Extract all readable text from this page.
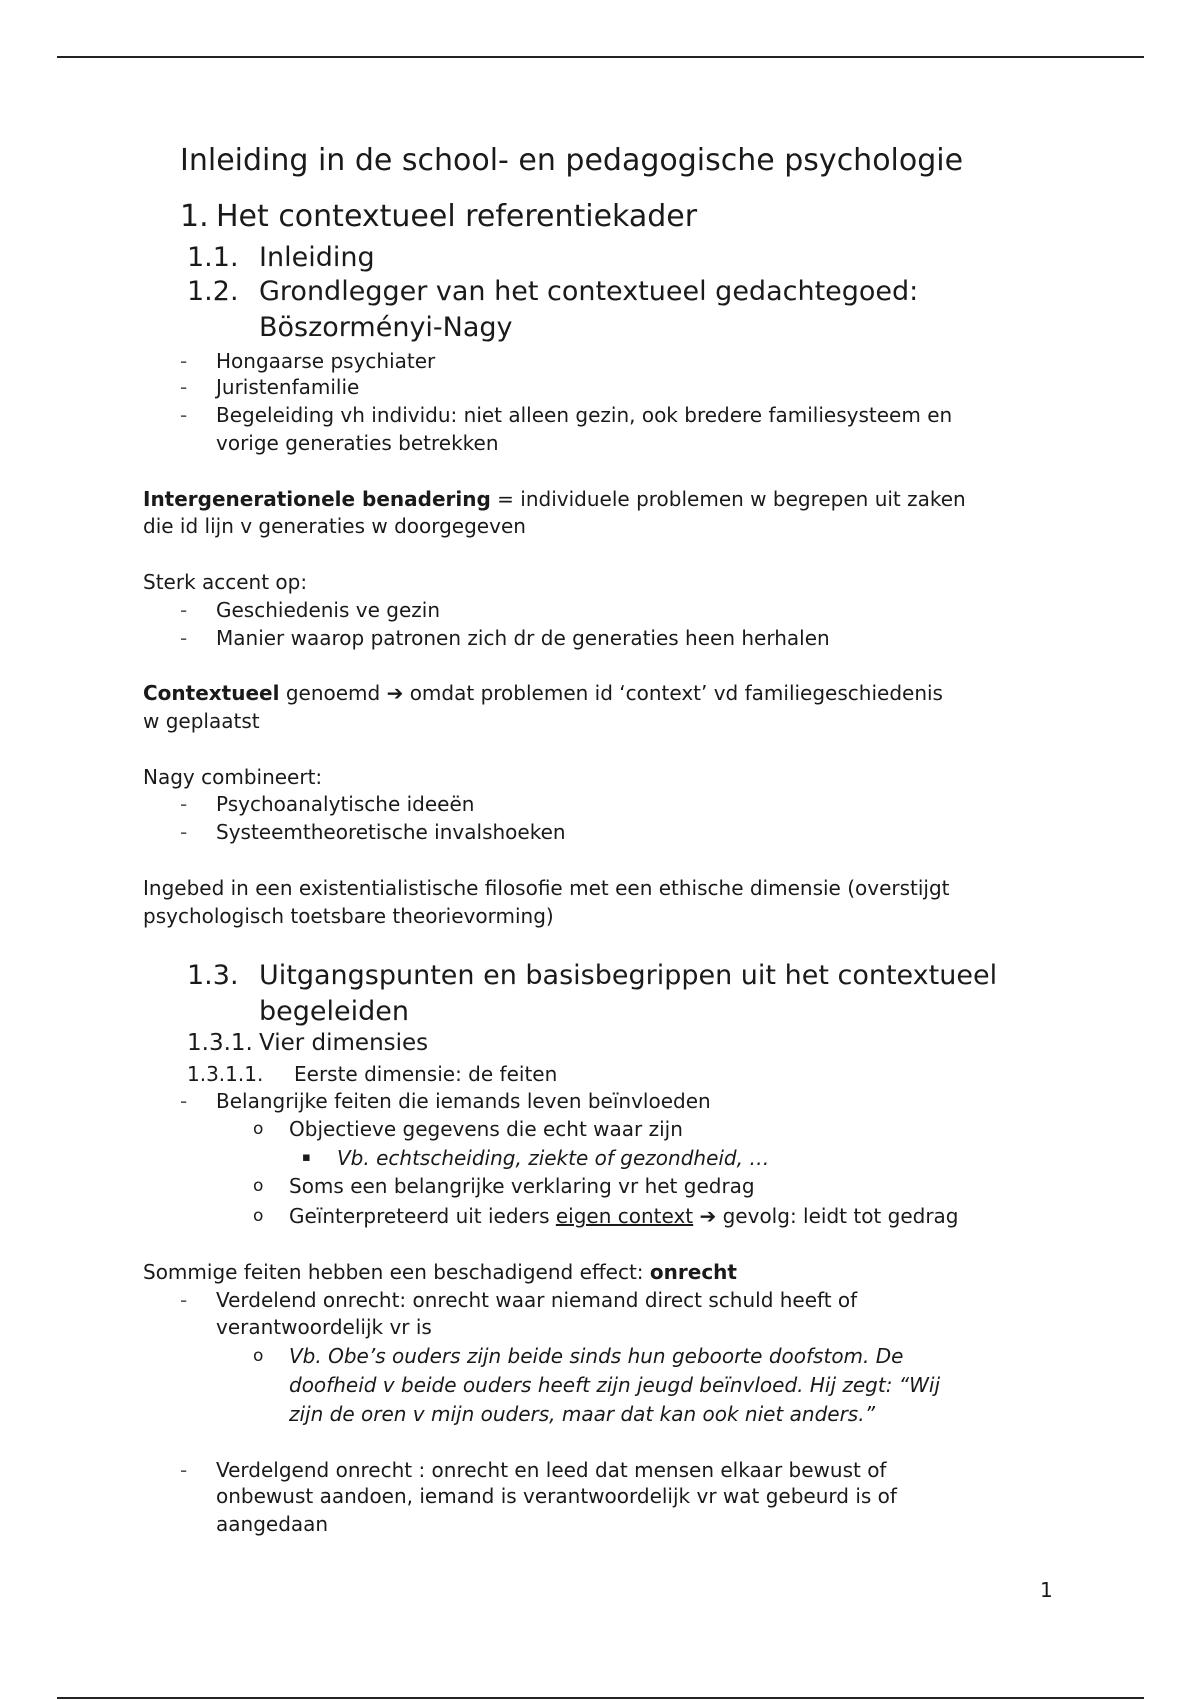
Inleiding in de school- en pedagogische psychologie
1. Het contextueel referentiekader
1.1. Inleiding
1.2. Grondlegger van het contextueel gedachtegoed:
Böszorményi-Nagy
- Hongaarse psychiater
- Juristenfamilie
- Begeleiding vh individu: niet alleen gezin, ook bredere familiesysteem en
vorige generaties betrekken
Intergenerationele benadering = individuele problemen w begrepen uit zaken
die id lijn v generaties w doorgegeven
Sterk accent op:
- Geschiedenis ve gezin
- Manier waarop patronen zich dr de generaties heen herhalen
Contextueel genoemd ➔ omdat problemen id ‘context’ vd familiegeschiedenis
w geplaatst
Nagy combineert:
- Psychoanalytische ideeën
- Systeemtheoretische invalshoeken
Ingebed in een existentialistische filosofie met een ethische dimensie (overstijgt
psychologisch toetsbare theorievorming)
1.3. Uitgangspunten en basisbegrippen uit het contextueel
begeleiden
1.3.1. Vier dimensies
1.3.1.1. Eerste dimensie: de feiten
- Belangrijke feiten die iemands leven beïnvloeden
o Objectieve gegevens die echt waar zijn
▪ Vb. echtscheiding, ziekte of gezondheid, …
o Soms een belangrijke verklaring vr het gedrag
o Geïnterpreteerd uit ieders eigen context ➔ gevolg: leidt tot gedrag
Sommige feiten hebben een beschadigend effect: onrecht
- Verdelend onrecht: onrecht waar niemand direct schuld heeft of
verantwoordelijk vr is
o Vb. Obe’s ouders zijn beide sinds hun geboorte doofstom. De
doofheid v beide ouders heeft zijn jeugd beïnvloed. Hij zegt: “Wij
zijn de oren v mijn ouders, maar dat kan ook niet anders.”
- Verdelgend onrecht : onrecht en leed dat mensen elkaar bewust of
onbewust aandoen, iemand is verantwoordelijk vr wat gebeurd is of
aangedaan
1
